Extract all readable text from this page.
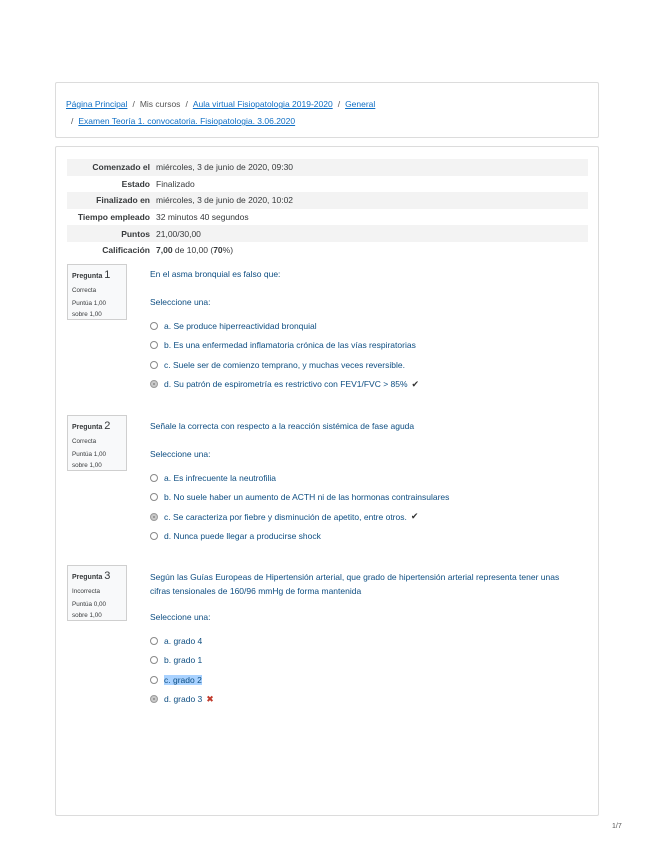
Página Principal / Mis cursos / Aula virtual Fisiopatologia 2019-2020 / General
/ Examen Teoría 1. convocatoria. Fisiopatologia. 3.06.2020
Comenzado el	miércoles, 3 de junio de 2020, 09:30
Estado	Finalizado
Finalizado en	miércoles, 3 de junio de 2020, 10:02
Tiempo empleado	32 minutos 40 segundos
Puntos	21,00/30,00
Calificación	7,00 de 10,00 (70%)
Pregunta 1
Correcta
Puntúa 1,00
sobre 1,00
En el asma bronquial es falso que:
Seleccione una:
a. Se produce hiperreactividad bronquial
b. Es una enfermedad inflamatoria crónica de las vías respiratorias
c. Suele ser de comienzo temprano, y muchas veces reversible.
d. Su patrón de espirometría es restrictivo con FEV1/FVC > 85% ✔
Pregunta 2
Correcta
Puntúa 1,00
sobre 1,00
Señale la correcta con respecto a la reacción sistémica de fase aguda
Seleccione una:
a. Es infrecuente la neutrofilia
b. No suele haber un aumento de ACTH ni de las hormonas contrainsulares
c. Se caracteriza por fiebre y disminución de apetito, entre otros. ✔
d. Nunca puede llegar a producirse shock
Pregunta 3
Incorrecta
Puntúa 0,00
sobre 1,00
Según las Guías Europeas de Hipertensión arterial, que grado de hipertensión arterial representa tener unas cifras tensionales de 160/96 mmHg de forma mantenida
Seleccione una:
a. grado 4
b. grado 1
c. grado 2
d. grado 3 ✖
1/7
